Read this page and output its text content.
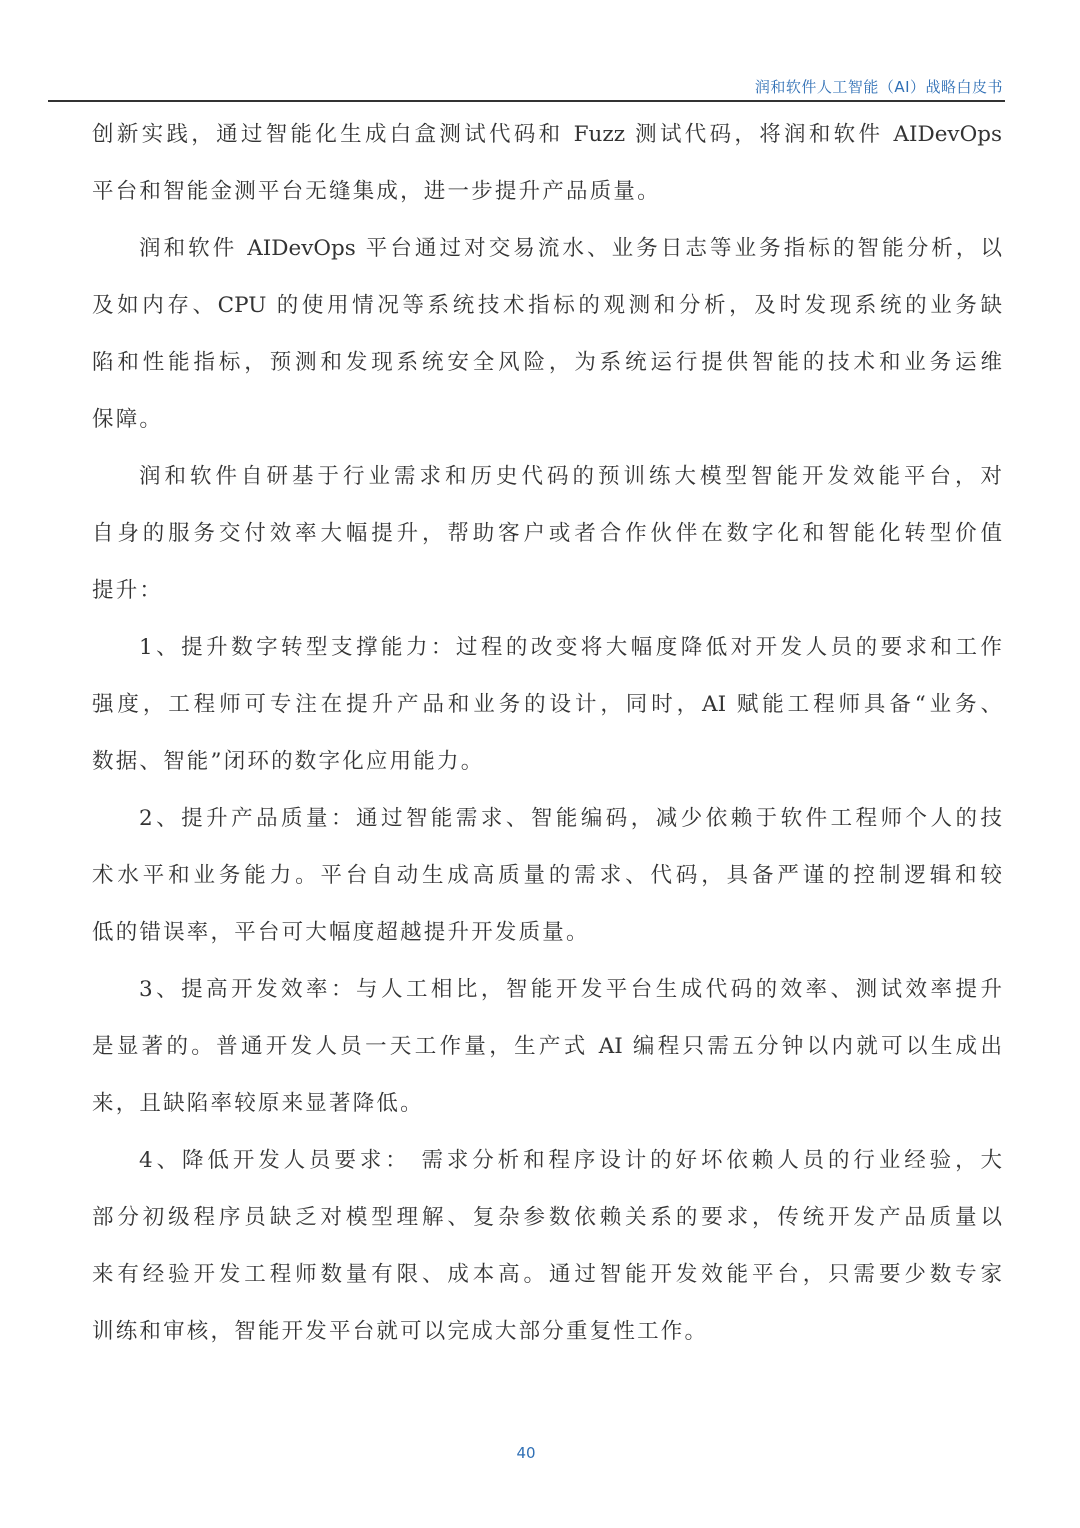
润和软件人工智能（AI）战略白皮书
创新实践，通过智能化生成白盒测试代码和 Fuzz 测试代码，将润和软件 AIDevOps
平台和智能金测平台无缝集成，进一步提升产品质量。
润和软件 AIDevOps 平台通过对交易流水、业务日志等业务指标的智能分析，以
及如内存、CPU 的使用情况等系统技术指标的观测和分析，及时发现系统的业务缺
陷和性能指标，预测和发现系统安全风险，为系统运行提供智能的技术和业务运维
保障。
润和软件自研基于行业需求和历史代码的预训练大模型智能开发效能平台，对
自身的服务交付效率大幅提升，帮助客户或者合作伙伴在数字化和智能化转型价值
提升：
1、提升数字转型支撑能力：过程的改变将大幅度降低对开发人员的要求和工作
强度，工程师可专注在提升产品和业务的设计，同时，AI 赋能工程师具备“业务、
数据、智能”闭环的数字化应用能力。
2、提升产品质量：通过智能需求、智能编码，减少依赖于软件工程师个人的技
术水平和业务能力。平台自动生成高质量的需求、代码，具备严谨的控制逻辑和较
低的错误率，平台可大幅度超越提升开发质量。
3、提高开发效率：与人工相比，智能开发平台生成代码的效率、测试效率提升
是显著的。普通开发人员一天工作量，生产式 AI 编程只需五分钟以内就可以生成出
来，且缺陷率较原来显著降低。
4、降低开发人员要求： 需求分析和程序设计的好坏依赖人员的行业经验，大
部分初级程序员缺乏对模型理解、复杂参数依赖关系的要求，传统开发产品质量以
来有经验开发工程师数量有限、成本高。通过智能开发效能平台，只需要少数专家
训练和审核，智能开发平台就可以完成大部分重复性工作。
40
